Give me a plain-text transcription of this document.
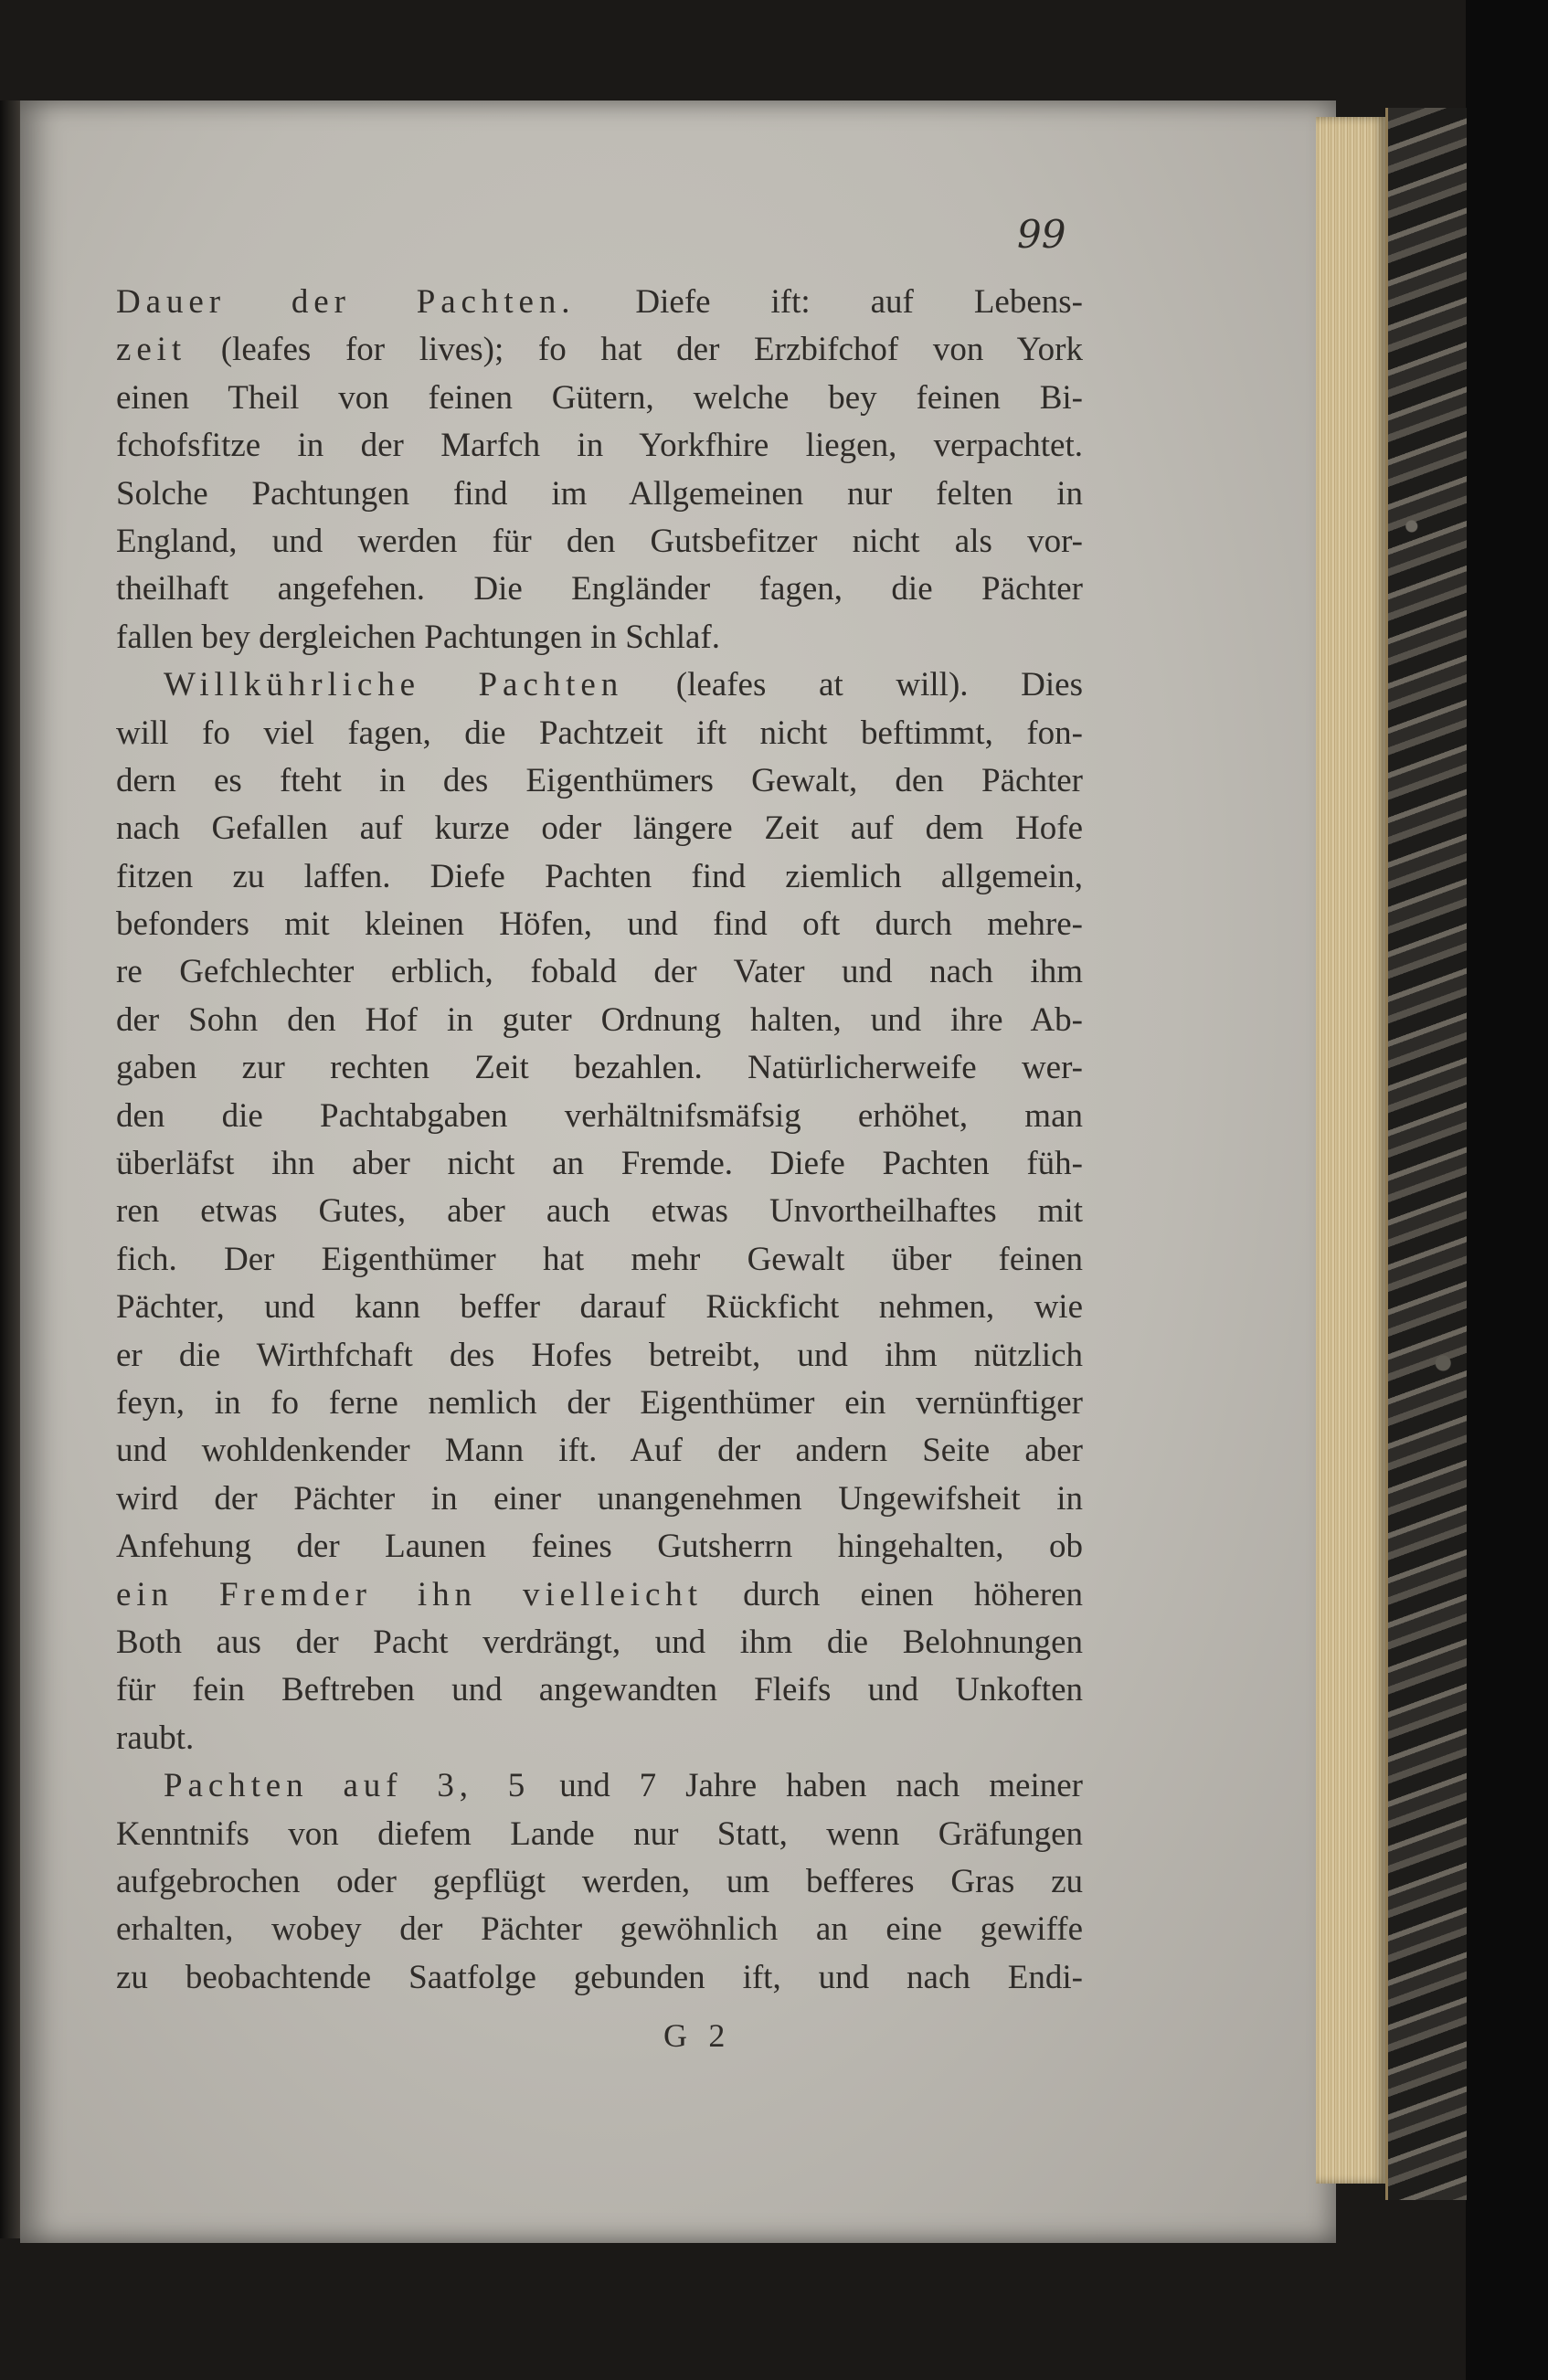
99

Dauer der Pachten. Diefe ift: auf Lebens-
zeit (leafes for lives); fo hat der Erzbifchof von York
einen Theil von feinen Gütern, welche bey feinen Bi-
fchofsfitze in der Marfch in Yorkfhire liegen, verpachtet.
Solche Pachtungen find im Allgemeinen nur felten in
England, und werden für den Gutsbefitzer nicht als vor-
theilhaft angefehen. Die Engländer fagen, die Pächter
fallen bey dergleichen Pachtungen in Schlaf.
Willkührliche Pachten (leafes at will). Dies
will fo viel fagen, die Pachtzeit ift nicht beftimmt, fon-
dern es fteht in des Eigenthümers Gewalt, den Pächter
nach Gefallen auf kurze oder längere Zeit auf dem Hofe
fitzen zu laffen. Diefe Pachten find ziemlich allgemein,
befonders mit kleinen Höfen, und find oft durch mehre-
re Gefchlechter erblich, fobald der Vater und nach ihm
der Sohn den Hof in guter Ordnung halten, und ihre Ab-
gaben zur rechten Zeit bezahlen. Natürlicherweife wer-
den die Pachtabgaben verhältnifsmäfsig erhöhet, man
überläfst ihn aber nicht an Fremde. Diefe Pachten füh-
ren etwas Gutes, aber auch etwas Unvortheilhaftes mit
fich. Der Eigenthümer hat mehr Gewalt über feinen
Pächter, und kann beffer darauf Rückficht nehmen, wie
er die Wirthfchaft des Hofes betreibt, und ihm nützlich
feyn, in fo ferne nemlich der Eigenthümer ein vernünftiger
und wohldenkender Mann ift. Auf der andern Seite aber
wird der Pächter in einer unangenehmen Ungewifsheit in
Anfehung der Launen feines Gutsherrn hingehalten, ob
ein Fremder ihn vielleicht durch einen höheren
Both aus der Pacht verdrängt, und ihm die Belohnungen
für fein Beftreben und angewandten Fleifs und Unkoften
raubt.
Pachten auf 3, 5 und 7 Jahre haben nach meiner
Kenntnifs von diefem Lande nur Statt, wenn Gräfungen
aufgebrochen oder gepflügt werden, um befferes Gras zu
erhalten, wobey der Pächter gewöhnlich an eine gewiffe
zu beobachtende Saatfolge gebunden ift, und nach Endi-

G 2
